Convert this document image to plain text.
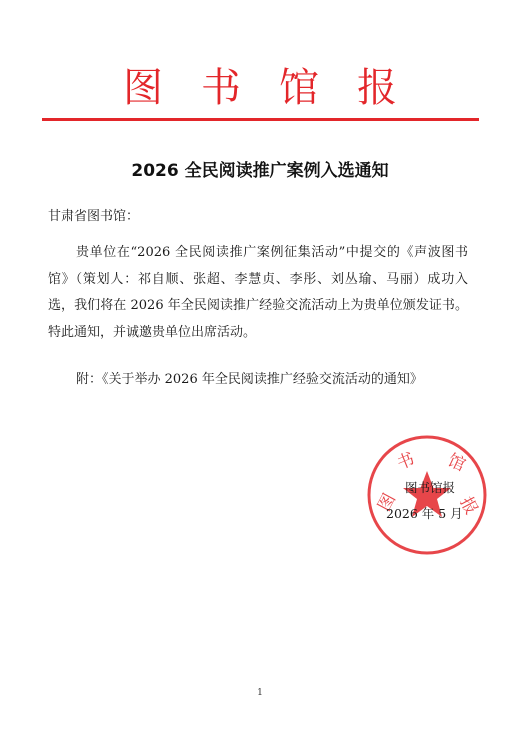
图书馆报
2026 全民阅读推广案例入选通知
甘肃省图书馆：
贵单位在“2026 全民阅读推广案例征集活动”中提交的《声波图书馆》（策划人：祁自顺、张超、李慧贞、李彤、刘丛瑜、马丽）成功入选，我们将在 2026 年全民阅读推广经验交流活动上为贵单位颁发证书。特此通知，并诚邀贵单位出席活动。
附：《关于举办 2026 年全民阅读推广经验交流活动的通知》
图
书 馆
报
图书馆报
2026 年 5 月
1
